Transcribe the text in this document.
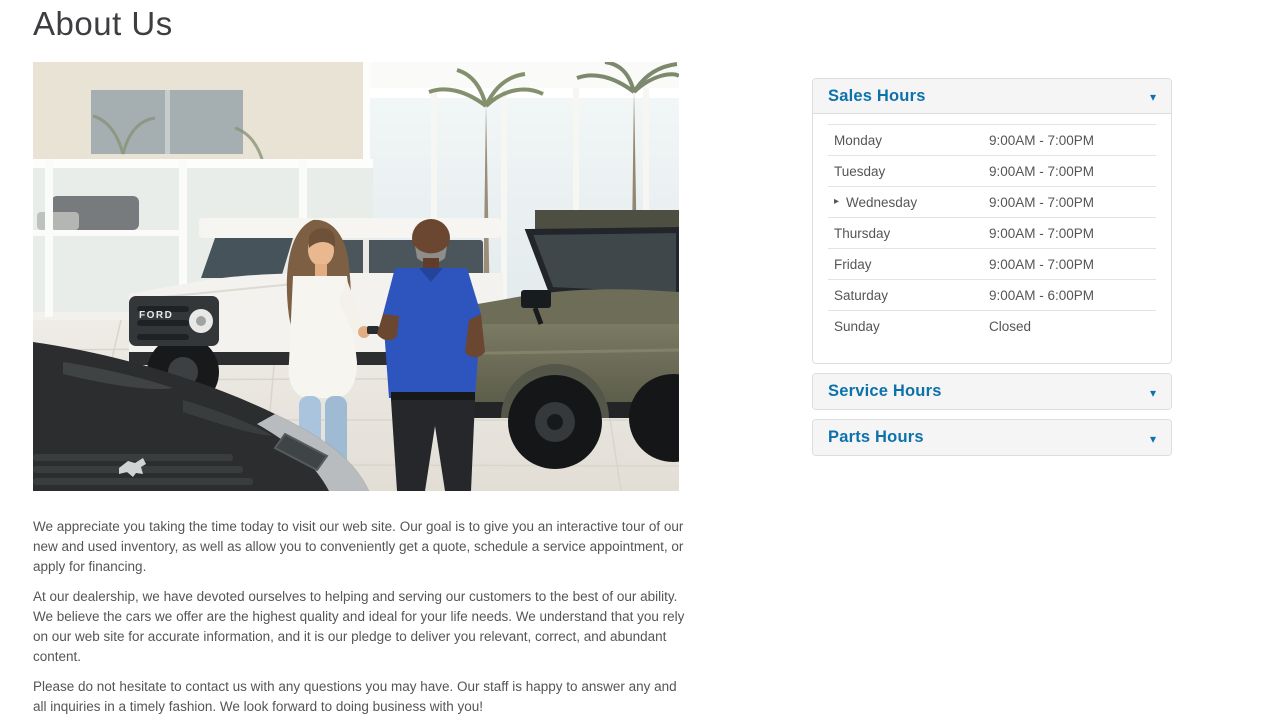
About Us
FORD

We appreciate you taking the time today to visit our web site. Our goal is to give you an interactive tour of our new and used inventory, as well as allow you to conveniently get a quote, schedule a service appointment, or apply for financing.

At our dealership, we have devoted ourselves to helping and serving our customers to the best of our ability. We believe the cars we offer are the highest quality and ideal for your life needs. We understand that you rely on our web site for accurate information, and it is our pledge to deliver you relevant, correct, and abundant content.

Please do not hesitate to contact us with any questions you may have. Our staff is happy to answer any and all inquiries in a timely fashion. We look forward to doing business with you!

Sales Hours	▾
Monday	9:00AM - 7:00PM
Tuesday	9:00AM - 7:00PM
▸ Wednesday	9:00AM - 7:00PM
Thursday	9:00AM - 7:00PM
Friday	9:00AM - 7:00PM
Saturday	9:00AM - 6:00PM
Sunday	Closed
Service Hours	▾
Parts Hours	▾
